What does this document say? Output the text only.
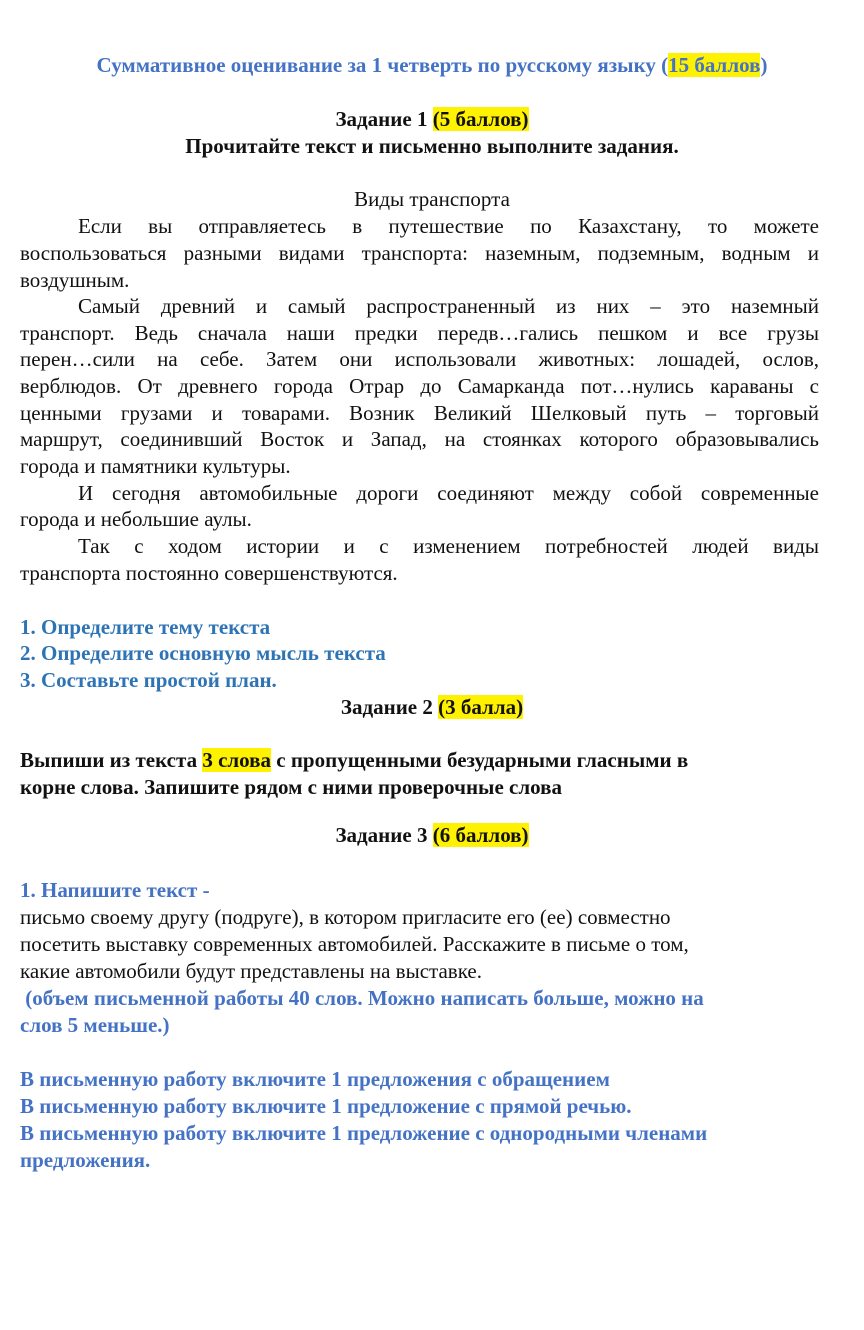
Суммативное оценивание за 1 четверть по русскому языку (15 баллов)
Задание 1 (5 баллов)
Прочитайте текст и письменно выполните задания.
Виды транспорта
Если вы отправляетесь в путешествие по Казахстану, то можете
воспользоваться разными видами транспорта: наземным, подземным, водным и
воздушным.
Самый древний и самый распространенный из них – это наземный
транспорт. Ведь сначала наши предки передв…гались пешком и все грузы
перен…сили на себе. Затем они использовали животных: лошадей, ослов,
верблюдов. От древнего города Отрар до Самарканда пот…нулись караваны с
ценными грузами и товарами. Возник Великий Шелковый путь – торговый
маршрут, соединивший Восток и Запад, на стоянках которого образовывались
города и памятники культуры.
И сегодня автомобильные дороги соединяют между собой современные
города и небольшие аулы.
Так с ходом истории и с изменением потребностей людей виды
транспорта постоянно совершенствуются.
1. Определите тему текста
2. Определите основную мысль текста
3. Составьте простой план.
Задание 2 (3 балла)
Выпиши из текста 3 слова с пропущенными безударными гласными в
корне слова. Запишите рядом с ними проверочные слова
Задание 3 (6 баллов)
1. Напишите текст -
письмо своему другу (подруге), в котором пригласите его (ее) совместно
посетить выставку современных автомобилей. Расскажите в письме о том,
какие автомобили будут представлены на выставке.
(объем письменной работы 40 слов. Можно написать больше, можно на
слов 5 меньше.)
В письменную работу включите 1 предложения с обращением
В письменную работу включите 1 предложение с прямой речью.
В письменную работу включите 1 предложение с однородными членами
предложения.
